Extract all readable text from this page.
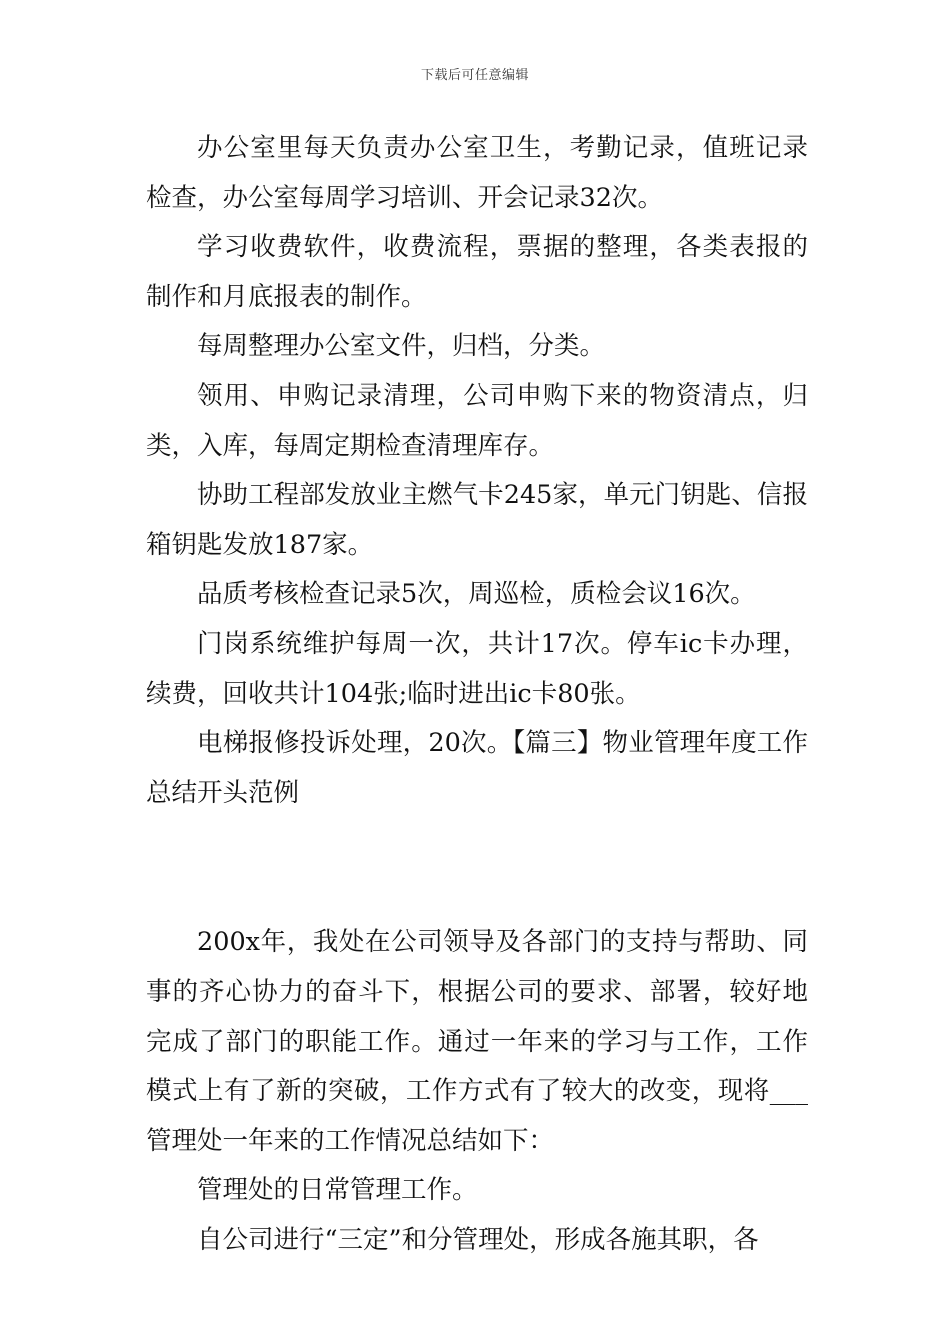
下载后可任意编辑

办公室里每天负责办公室卫生，考勤记录，值班记录检查，办公室每周学习培训、开会记录32次。

学习收费软件，收费流程，票据的整理，各类表报的制作和月底报表的制作。

每周整理办公室文件，归档，分类。

领用、申购记录清理，公司申购下来的物资清点，归类，入库，每周定期检查清理库存。

协助工程部发放业主燃气卡245家，单元门钥匙、信报箱钥匙发放187家。

品质考核检查记录5次，周巡检，质检会议16次。

门岗系统维护每周一次，共计17次。停车ic卡办理，续费，回收共计104张;临时进出ic卡80张。

电梯报修投诉处理，20次。【篇三】物业管理年度工作总结开头范例

200x年，我处在公司领导及各部门的支持与帮助、同事的齐心协力的奋斗下，根据公司的要求、部署，较好地完成了部门的职能工作。通过一年来的学习与工作，工作模式上有了新的突破，工作方式有了较大的改变，现将___管理处一年来的工作情况总结如下：

管理处的日常管理工作。

自公司进行“三定”和分管理处，形成各施其职，各
